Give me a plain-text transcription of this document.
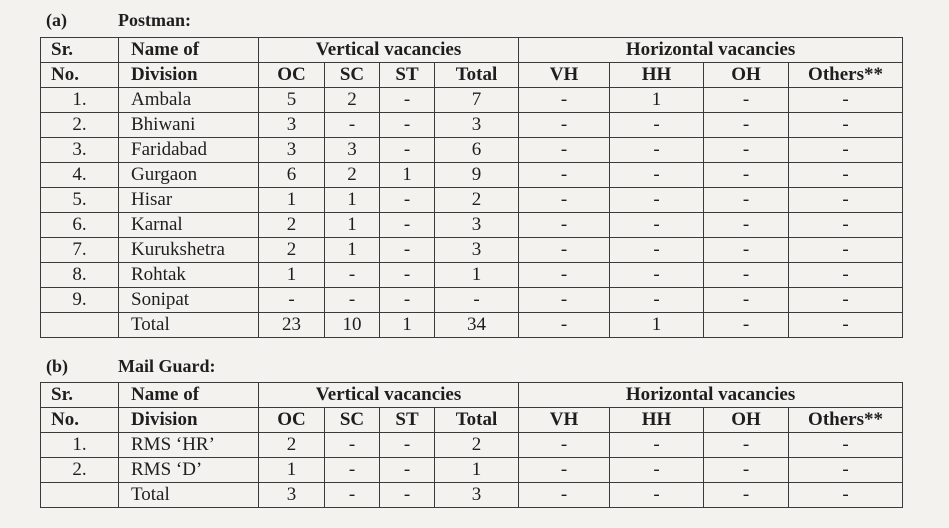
(a)	Postman:
Sr.	Name of	Vertical vacancies				Horizontal vacancies			
No.	Division	OC	SC	ST	Total	VH	HH	OH	Others**
1.	Ambala	5	2	-	7	-	1	-	-
2.	Bhiwani	3	-	-	3	-	-	-	-
3.	Faridabad	3	3	-	6	-	-	-	-
4.	Gurgaon	6	2	1	9	-	-	-	-
5.	Hisar	1	1	-	2	-	-	-	-
6.	Karnal	2	1	-	3	-	-	-	-
7.	Kurukshetra	2	1	-	3	-	-	-	-
8.	Rohtak	1	-	-	1	-	-	-	-
9.	Sonipat	-	-	-	-	-	-	-	-
	Total	23	10	1	34	-	1	-	-
(b)	Mail Guard:
Sr.	Name of	Vertical vacancies				Horizontal vacancies			
No.	Division	OC	SC	ST	Total	VH	HH	OH	Others**
1.	RMS ‘HR’	2	-	-	2	-	-	-	-
2.	RMS ‘D’	1	-	-	1	-	-	-	-
	Total	3	-	-	3	-	-	-	-
